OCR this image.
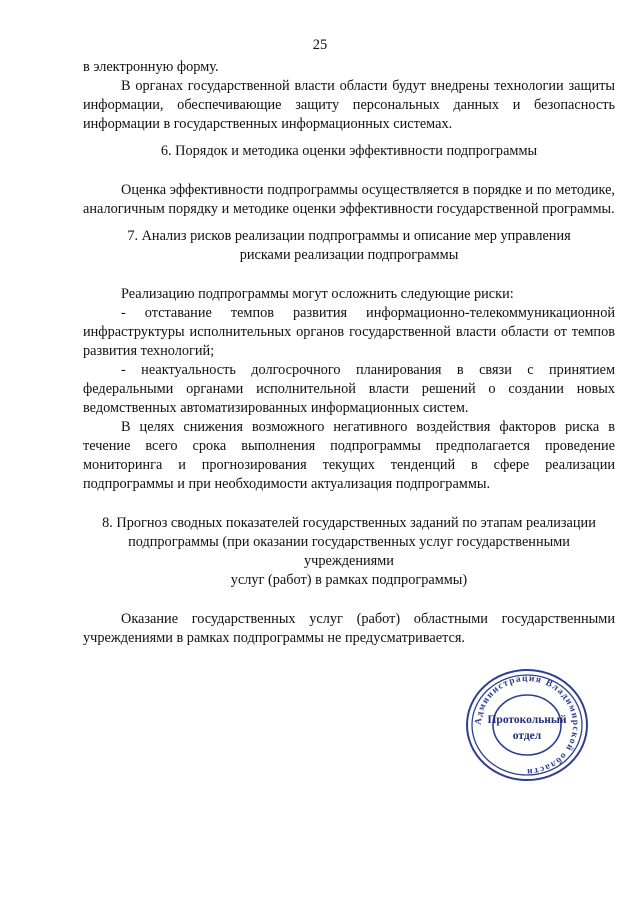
25

в электронную форму.

В органах государственной власти области будут внедрены технологии защиты информации, обеспечивающие защиту персональных данных и безопасность информации в государственных информационных системах.

6. Порядок и методика оценки эффективности подпрограммы

Оценка эффективности подпрограммы осуществляется в порядке и по методике, аналогичным порядку и методике оценки эффективности государственной программы.

7. Анализ рисков реализации подпрограммы и описание мер управления

рисками реализации подпрограммы

Реализацию подпрограммы могут осложнить следующие риски:

- отставание темпов развития информационно-телекоммуникационной инфраструктуры исполнительных органов государственной власти области от темпов развития технологий;

- неактуальность долгосрочного планирования в связи с принятием федеральными органами исполнительной власти решений о создании новых ведомственных автоматизированных информационных систем.

В целях снижения возможного негативного воздействия факторов риска в течение всего срока выполнения подпрограммы предполагается проведение мониторинга и прогнозирования текущих тенденций в сфере реализации подпрограммы и при необходимости актуализация подпрограммы.

8. Прогноз сводных показателей государственных заданий по этапам реализации

подпрограммы (при оказании государственных услуг государственными учреждениями

услуг (работ) в рамках подпрограммы)

Оказание государственных услуг (работ) областными государственными учреждениями в рамках подпрограммы не предусматривается.

Администрация Владимирской области
Протокольный
отдел
